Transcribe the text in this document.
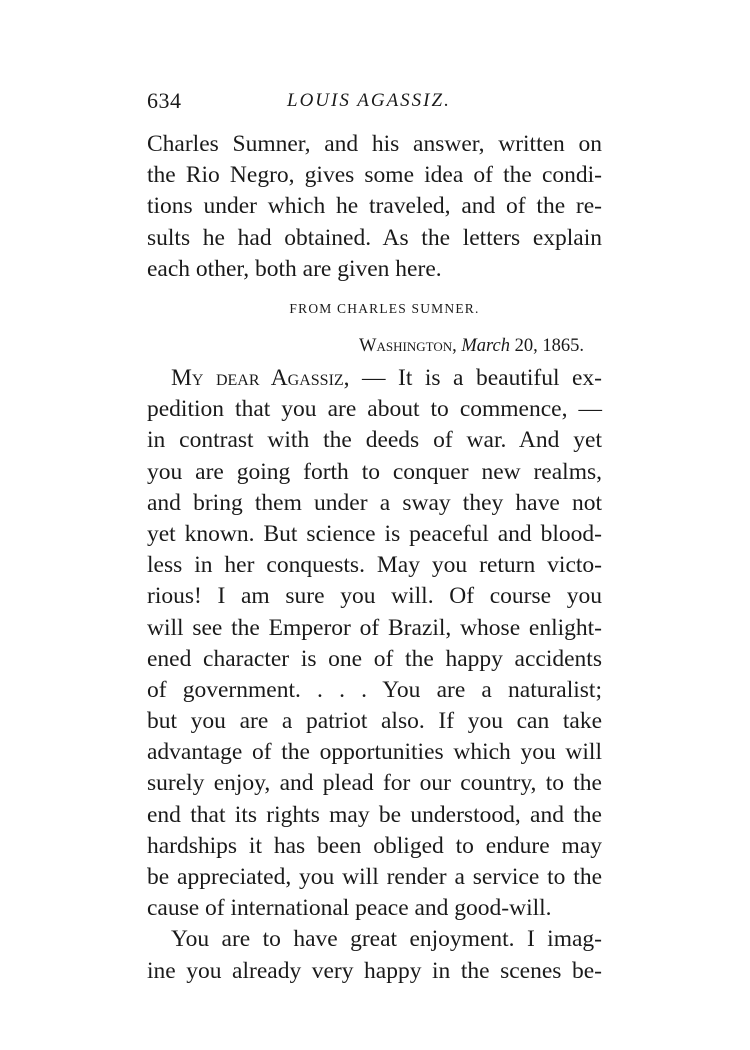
634	LOUIS AGASSIZ.
Charles Sumner, and his answer, written on
the Rio Negro, gives some idea of the condi-
tions under which he traveled, and of the re-
sults he had obtained. As the letters explain
each other, both are given here.
FROM CHARLES SUMNER.
Washington, March 20, 1865.
My dear Agassiz, — It is a beautiful ex-
pedition that you are about to commence, —
in contrast with the deeds of war. And yet
you are going forth to conquer new realms,
and bring them under a sway they have not
yet known. But science is peaceful and blood-
less in her conquests. May you return victo-
rious! I am sure you will. Of course you
will see the Emperor of Brazil, whose enlight-
ened character is one of the happy accidents
of government. . . . You are a naturalist;
but you are a patriot also. If you can take
advantage of the opportunities which you will
surely enjoy, and plead for our country, to the
end that its rights may be understood, and the
hardships it has been obliged to endure may
be appreciated, you will render a service to the
cause of international peace and good-will.
You are to have great enjoyment. I imag-
ine you already very happy in the scenes be-
